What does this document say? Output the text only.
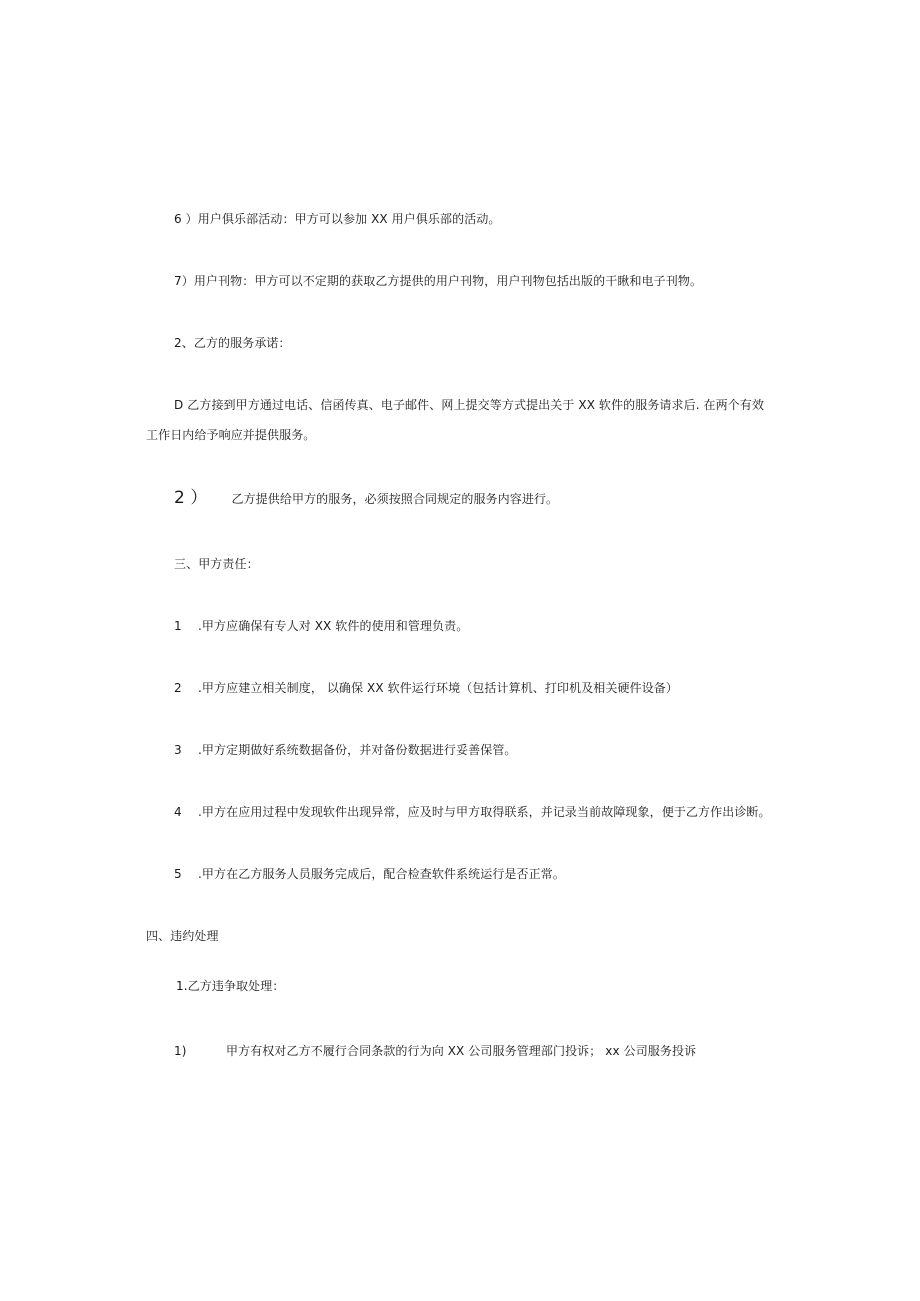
6 ）用户俱乐部活动：甲方可以参加 XX 用户俱乐部的活动。
7）用户刊物：甲方可以不定期的获取乙方提供的用户刊物，用户刊物包括出版的干瞅和电子刊物。
2、乙方的服务承诺：
D 乙方接到甲方通过电话、信函传真、电子邮件、网上提交等方式提出关于 XX 软件的服务请求后. 在两个有效
工作日内给予响应并提供服务。
2 ） 乙方提供给甲方的服务，必须按照合同规定的服务内容进行。
三、甲方责任：
1 .甲方应确保有专人对 XX 软件的使用和管理负责。
2 .甲方应建立相关制度， 以确保 XX 软件运行环境（包括计算机、打印机及相关硬件设备）
3 .甲方定期做好系统数据备份，并对备份数据进行妥善保管。
4 .甲方在应用过程中发现软件出现异常，应及时与甲方取得联系，并记录当前故障现象，便于乙方作出诊断。
5 .甲方在乙方服务人员服务完成后，配合检查软件系统运行是否正常。
四、违约处理
1.乙方违争取处理：
1)	甲方有权对乙方不履行合同条款的行为向 XX 公司服务管理部门投诉； xx 公司服务投诉
